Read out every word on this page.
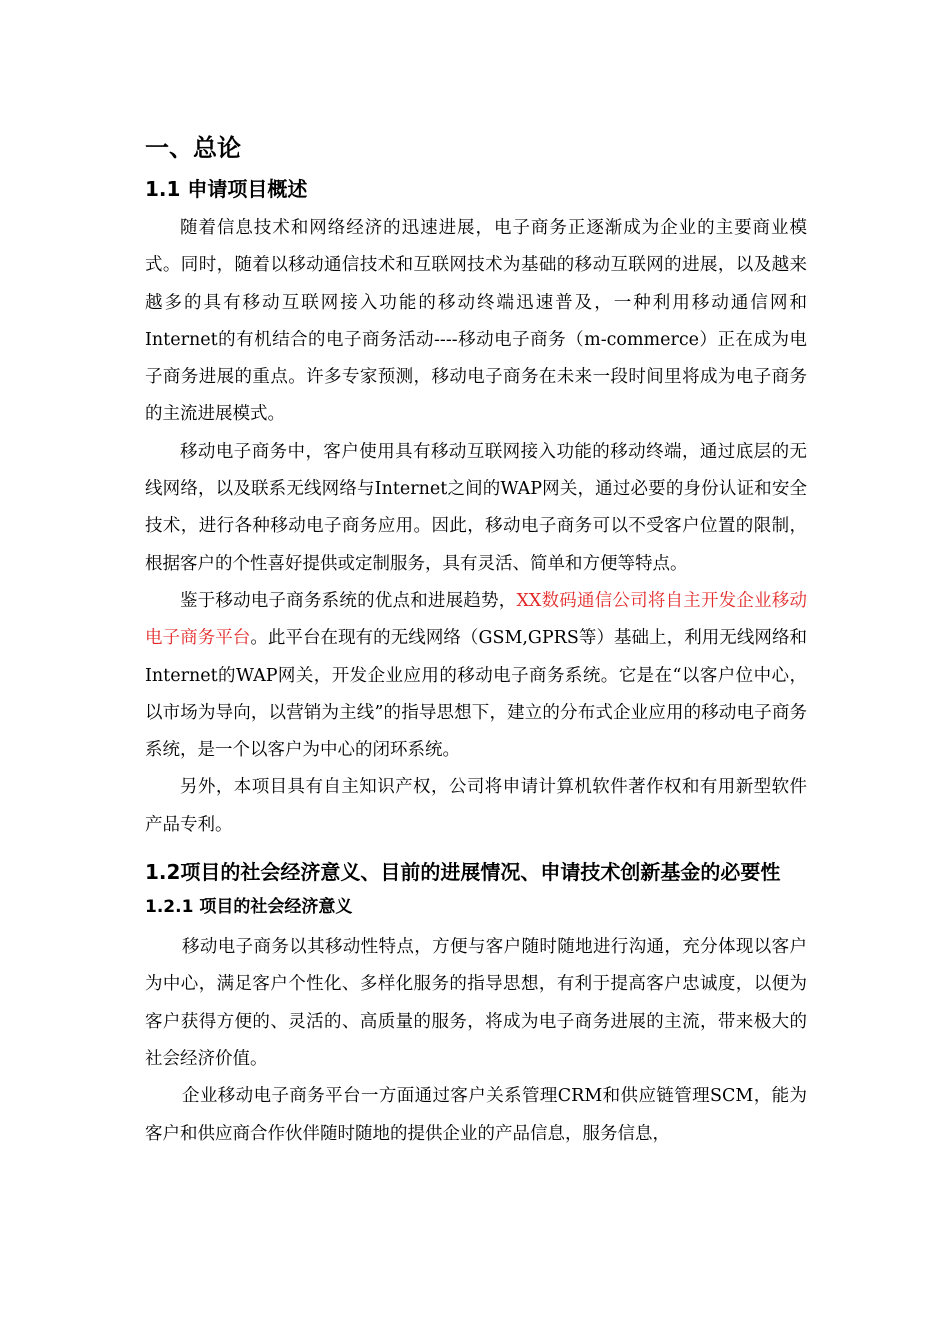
一、总论
1.1 申请项目概述

随着信息技术和网络经济的迅速进展，电子商务正逐渐成为企业的主要商业模式。同时，随着以移动通信技术和互联网技术为基础的移动互联网的进展，以及越来越多的具有移动互联网接入功能的移动终端迅速普及，一种利用移动通信网和Internet的有机结合的电子商务活动----移动电子商务（m-commerce）正在成为电子商务进展的重点。许多专家预测，移动电子商务在未来一段时间里将成为电子商务的主流进展模式。

移动电子商务中，客户使用具有移动互联网接入功能的移动终端，通过底层的无线网络，以及联系无线网络与Internet之间的WAP网关，通过必要的身份认证和安全技术，进行各种移动电子商务应用。因此，移动电子商务可以不受客户位置的限制，根据客户的个性喜好提供或定制服务，具有灵活、简单和方便等特点。

鉴于移动电子商务系统的优点和进展趋势，XX数码通信公司将自主开发企业移动电子商务平台。此平台在现有的无线网络（GSM,GPRS等）基础上，利用无线网络和Internet的WAP网关，开发企业应用的移动电子商务系统。它是在“以客户位中心，以市场为导向，以营销为主线”的指导思想下，建立的分布式企业应用的移动电子商务系统，是一个以客户为中心的闭环系统。

另外，本项目具有自主知识产权，公司将申请计算机软件著作权和有用新型软件产品专利。

1.2项目的社会经济意义、目前的进展情况、申请技术创新基金的必要性
1.2.1 项目的社会经济意义

移动电子商务以其移动性特点，方便与客户随时随地进行沟通，充分体现以客户为中心，满足客户个性化、多样化服务的指导思想，有利于提高客户忠诚度，以便为客户获得方便的、灵活的、高质量的服务，将成为电子商务进展的主流，带来极大的社会经济价值。

企业移动电子商务平台一方面通过客户关系管理CRM和供应链管理SCM，能为客户和供应商合作伙伴随时随地的提供企业的产品信息，服务信息，
